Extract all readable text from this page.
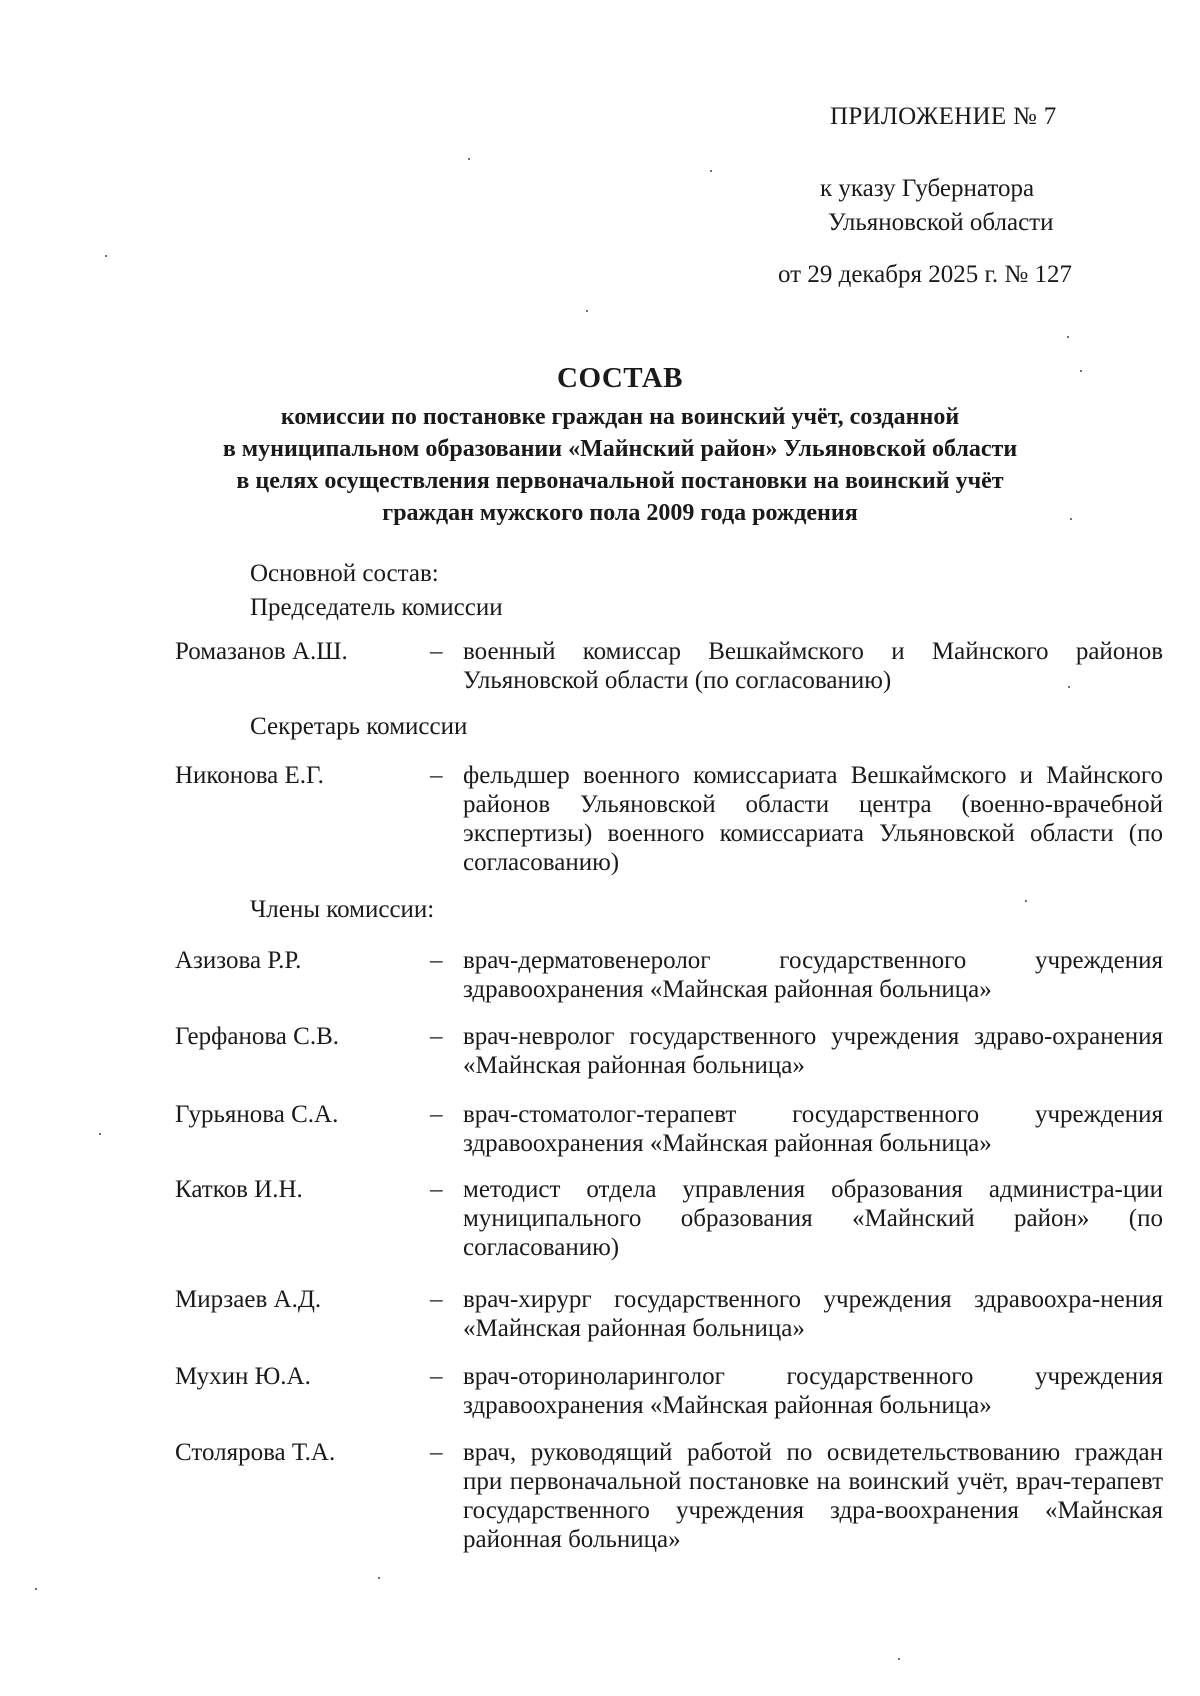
ПРИЛОЖЕНИЕ № 7
к указу Губернатора
Ульяновской области
от 29 декабря 2025 г. № 127
СОСТАВ
комиссии по постановке граждан на воинский учёт, созданной
в муниципальном образовании «Майнский район» Ульяновской области
в целях осуществления первоначальной постановки на воинский учёт
граждан мужского пола 2009 года рождения
Основной состав:
Председатель комиссии
Ромазанов А.Ш.	– военный комиссар Вешкаймского и Майнского районов Ульяновской области (по согласованию)
Секретарь комиссии
Никонова Е.Г.	– фельдшер военного комиссариата Вешкаймского и Майнского районов Ульяновской области центра (военно-врачебной экспертизы) военного комиссариата Ульяновской области (по согласованию)
Члены комиссии:
Азизова Р.Р.	– врач-дерматовенеролог государственного учреждения здравоохранения «Майнская районная больница»
Герфанова С.В.	– врач-невролог государственного учреждения здраво-охранения «Майнская районная больница»
Гурьянова С.А.	– врач-стоматолог-терапевт государственного учреждения здравоохранения «Майнская районная больница»
Катков И.Н.	– методист отдела управления образования администра-ции муниципального образования «Майнский район» (по согласованию)
Мирзаев А.Д.	– врач-хирург государственного учреждения здравоохра-нения «Майнская районная больница»
Мухин Ю.А.	– врач-оториноларинголог государственного учреждения здравоохранения «Майнская районная больница»
Столярова Т.А.	– врач, руководящий работой по освидетельствованию граждан при первоначальной постановке на воинский учёт, врач-терапевт государственного учреждения здра-воохранения «Майнская районная больница»
